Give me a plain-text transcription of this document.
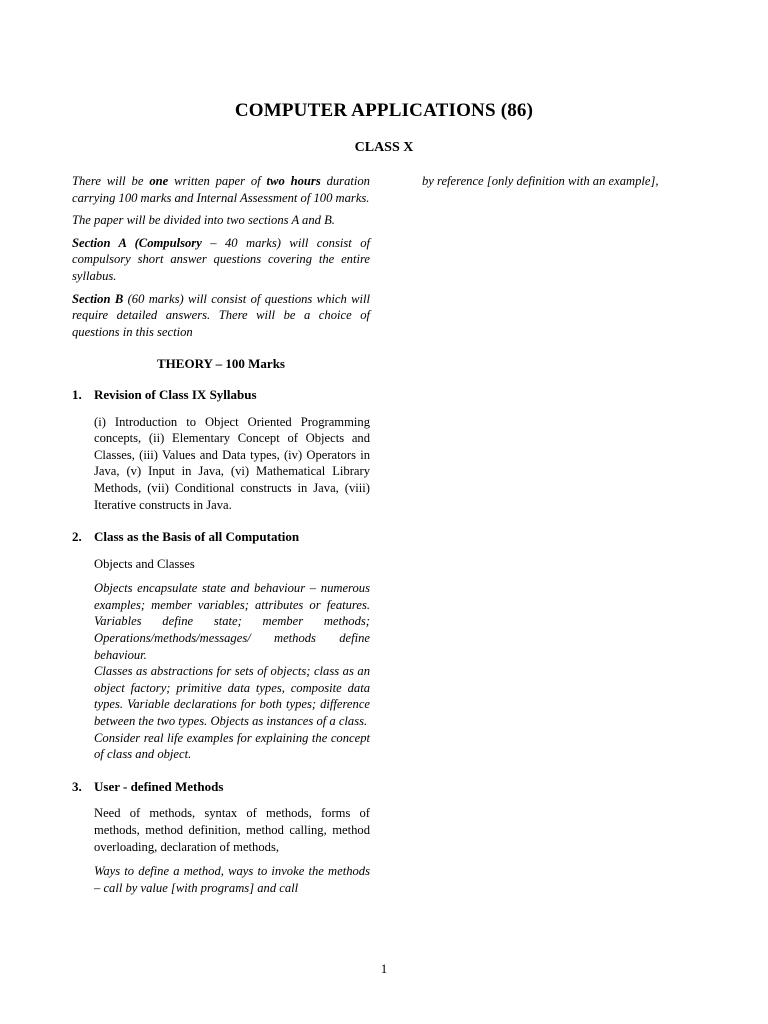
COMPUTER APPLICATIONS (86)
CLASS X

There will be one written paper of two hours duration carrying 100 marks and Internal Assessment of 100 marks.

The paper will be divided into two sections A and B.

Section A (Compulsory – 40 marks) will consist of compulsory short answer questions covering the entire syllabus.

Section B (60 marks) will consist of questions which will require detailed answers. There will be a choice of questions in this section

THEORY – 100 Marks
1. Revision of Class IX Syllabus

(i) Introduction to Object Oriented Programming concepts, (ii) Elementary Concept of Objects and Classes, (iii) Values and Data types, (iv) Operators in Java, (v) Input in Java, (vi) Mathematical Library Methods, (vii) Conditional constructs in Java, (viii) Iterative constructs in Java.

2. Class as the Basis of all Computation

Objects and Classes

Objects encapsulate state and behaviour – numerous examples; member variables; attributes or features. Variables define state; member methods; Operations/methods/messages/ methods define behaviour.

Classes as abstractions for sets of objects; class as an object factory; primitive data types, composite data types. Variable declarations for both types; difference between the two types. Objects as instances of a class.

Consider real life examples for explaining the concept of class and object.

3. User - defined Methods

Need of methods, syntax of methods, forms of methods, method definition, method calling, method overloading, declaration of methods,

Ways to define a method, ways to invoke the methods – call by value [with programs] and call

by reference [only definition with an example],

1
